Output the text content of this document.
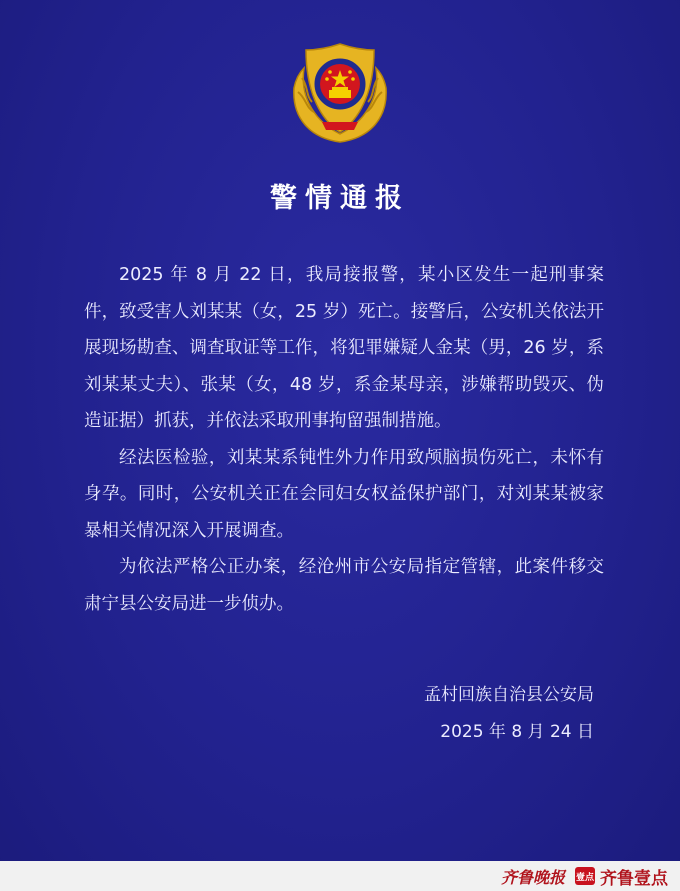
警情通报

2025 年 8 月 22 日，我局接报警，某小区发生一起刑事案件，致受害人刘某某（女，25 岁）死亡。接警后，公安机关依法开展现场勘查、调查取证等工作，将犯罪嫌疑人金某（男，26 岁，系刘某某丈夫）、张某（女，48 岁，系金某母亲，涉嫌帮助毁灭、伪造证据）抓获，并依法采取刑事拘留强制措施。

经法医检验，刘某某系钝性外力作用致颅脑损伤死亡，未怀有身孕。同时，公安机关正在会同妇女权益保护部门，对刘某某被家暴相关情况深入开展调查。

为依法严格公正办案，经沧州市公安局指定管辖，此案件移交肃宁县公安局进一步侦办。

孟村回族自治县公安局
2025 年 8 月 24 日
齐鲁晚报 壹点 齐鲁壹点
